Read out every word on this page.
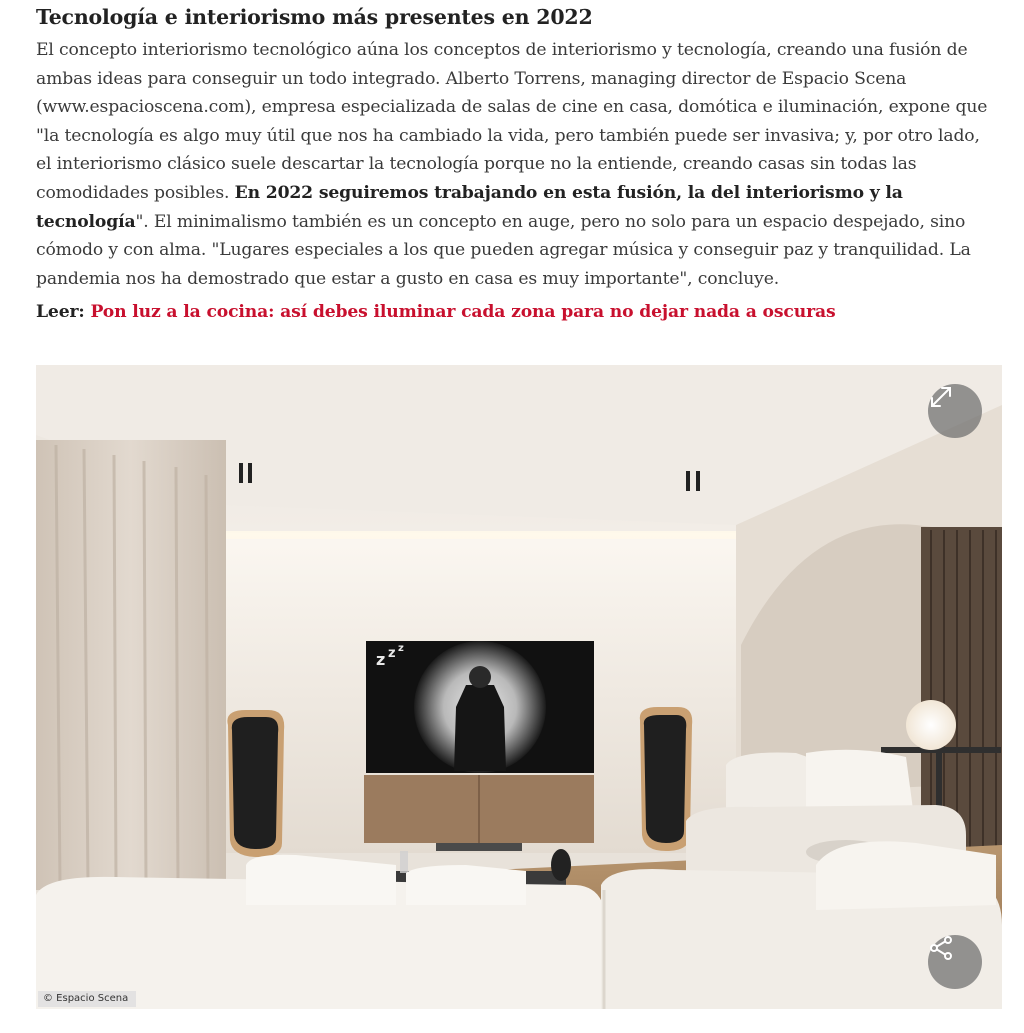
Tecnología e interiorismo más presentes en 2022

El concepto interiorismo tecnológico aúna los conceptos de interiorismo y tecnología, creando una fusión de ambas ideas para conseguir un todo integrado. Alberto Torrens, managing director de Espacio Scena (www.espacioscena.com), empresa especializada de salas de cine en casa, domótica e iluminación, expone que "la tecnología es algo muy útil que nos ha cambiado la vida, pero también puede ser invasiva; y, por otro lado, el interiorismo clásico suele descartar la tecnología porque no la entiende, creando casas sin todas las comodidades posibles. En 2022 seguiremos trabajando en esta fusión, la del interiorismo y la tecnología". El minimalismo también es un concepto en auge, pero no solo para un espacio despejado, sino cómodo y con alma. "Lugares especiales a los que pueden agregar música y conseguir paz y tranquilidad. La pandemia nos ha demostrado que estar a gusto en casa es muy importante", concluye.

Leer: Pon luz a la cocina: así debes iluminar cada zona para no dejar nada a oscuras

z z z
© Espacio Scena
